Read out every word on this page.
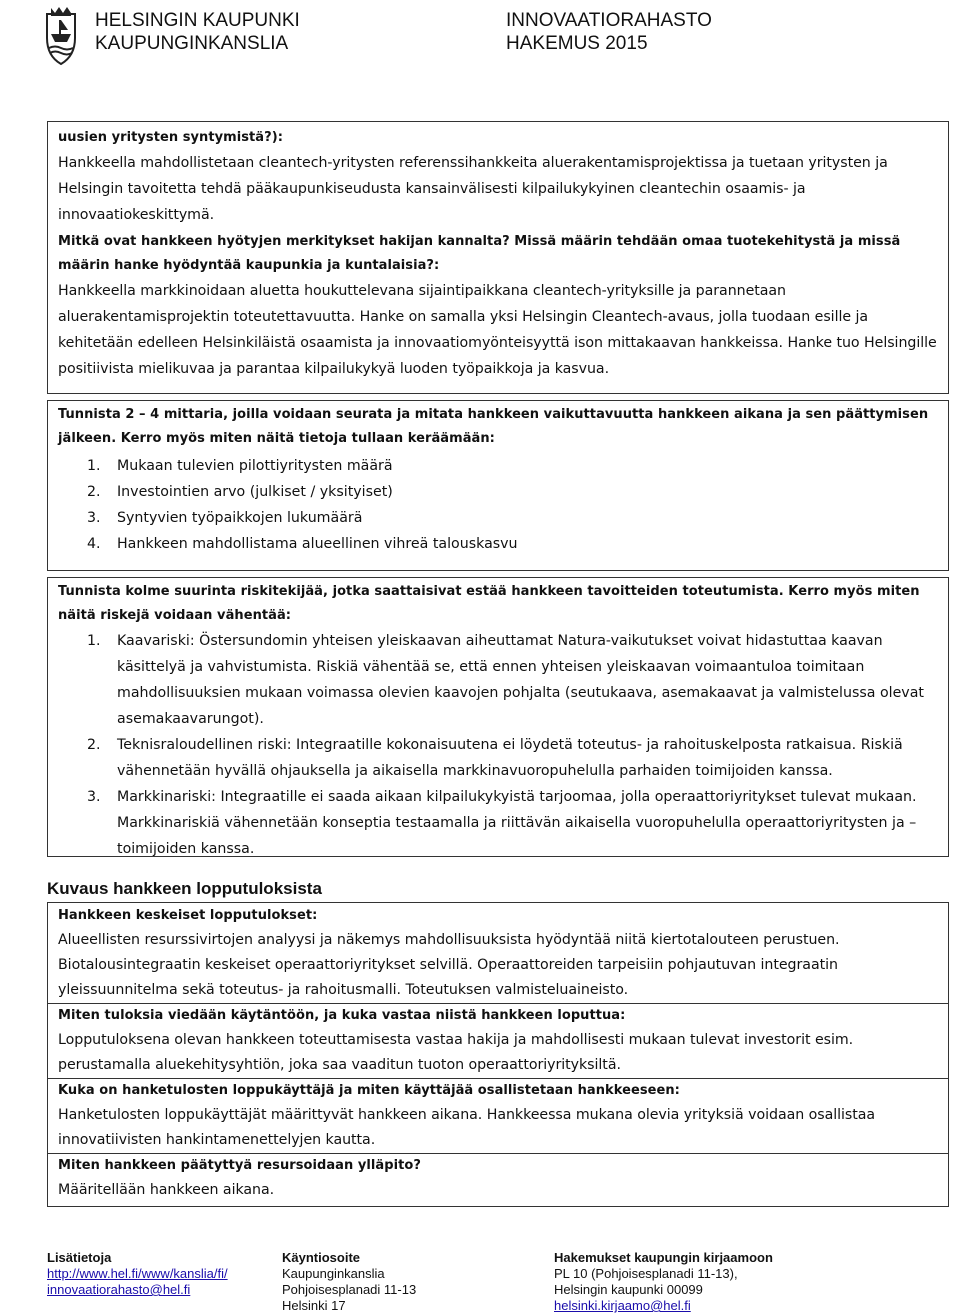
HELSINGIN KAUPUNKI
KAUPUNGINKANSLIA
INNOVAATIORAHASTO
HAKEMUS 2015
uusien yritysten syntymistä?):
Hankkeella mahdollistetaan cleantech-yritysten referenssihankkeita aluerakentamisprojektissa ja tuetaan yritysten ja Helsingin tavoitetta tehdä pääkaupunkiseudusta kansainvälisesti kilpailukykyinen cleantechin osaamis- ja innovaatiokeskittymä.
Mitkä ovat hankkeen hyötyjen merkitykset hakijan kannalta? Missä määrin tehdään omaa tuotekehitystä ja missä määrin hanke hyödyntää kaupunkia ja kuntalaisia?:
Hankkeella markkinoidaan aluetta houkuttelevana sijaintipaikkana cleantech-yrityksille ja parannetaan aluerakentamisprojektin toteutettavuutta. Hanke on samalla yksi Helsingin Cleantech-avaus, jolla tuodaan esille ja kehitetään edelleen Helsinkiläistä osaamista ja innovaatiomyönteisyyttä ison mittakaavan hankkeissa. Hanke tuo Helsingille positiivista mielikuvaa ja parantaa kilpailukykyä luoden työpaikkoja ja kasvua.
Tunnista 2 – 4 mittaria, joilla voidaan seurata ja mitata hankkeen vaikuttavuutta hankkeen aikana ja sen päättymisen jälkeen. Kerro myös miten näitä tietoja tullaan keräämään:
1. Mukaan tulevien pilottiyritysten määrä
2. Investointien arvo (julkiset / yksityiset)
3. Syntyvien työpaikkojen lukumäärä
4. Hankkeen mahdollistama alueellinen vihreä talouskasvu
Tunnista kolme suurinta riskitekijää, jotka saattaisivat estää hankkeen tavoitteiden toteutumista. Kerro myös miten näitä riskejä voidaan vähentää:
1. Kaavariski: Östersundomin yhteisen yleiskaavan aiheuttamat Natura-vaikutukset voivat hidastuttaa kaavan käsittelyä ja vahvistumista. Riskiä vähentää se, että ennen yhteisen yleiskaavan voimaantuloa toimitaan mahdollisuuksien mukaan voimassa olevien kaavojen pohjalta (seutukaava, asemakaavat ja valmistelussa olevat asemakaavarungot).
2. Teknisraloudellinen riski: Integraatille kokonaisuutena ei löydetä toteutus- ja rahoituskelposta ratkaisua. Riskiä vähennetään hyvällä ohjauksella ja aikaisella markkinavuoropuhelulla parhaiden toimijoiden kanssa.
3. Markkinariski: Integraatille ei saada aikaan kilpailukykyistä tarjoomaa, jolla operaattoriyritykset tulevat mukaan. Markkinariskiä vähennetään konseptia testaamalla ja riittävän aikaisella vuoropuhelulla operaattoriyritysten ja –toimijoiden kanssa.
Kuvaus hankkeen lopputuloksista
Hankkeen keskeiset lopputulokset:
Alueellisten resurssivirtojen analyysi ja näkemys mahdollisuuksista hyödyntää niitä kiertotalouteen perustuen. Biotalousintegraatin keskeiset operaattoriyritykset selvillä. Operaattoreiden tarpeisiin pohjautuvan integraatin yleissuunnitelma sekä toteutus- ja rahoitusmalli. Toteutuksen valmisteluaineisto.
Miten tuloksia viedään käytäntöön, ja kuka vastaa niistä hankkeen loputtua:
Lopputuloksena olevan hankkeen toteuttamisesta vastaa hakija ja mahdollisesti mukaan tulevat investorit esim. perustamalla aluekehitysyhtiön, joka saa vaaditun tuoton operaattoriyrityksiltä.
Kuka on hanketulosten loppukäyttäjä ja miten käyttäjää osallistetaan hankkeeseen:
Hanketulosten loppukäyttäjät määrittyvät hankkeen aikana. Hankkeessa mukana olevia yrityksiä voidaan osallistaa innovatiivisten hankintamenettelyjen kautta.
Miten hankkeen päätyttyä resursoidaan ylläpito?
Määritellään hankkeen aikana.
Lisätietoja
http://www.hel.fi/www/kanslia/fi/
innovaatiorahasto@hel.fi
Käyntiosoite
Kaupunginkanslia
Pohjoisesplanadi 11-13
Helsinki 17
Hakemukset kaupungin kirjaamoon
PL 10 (Pohjoisesplanadi 11-13),
Helsingin kaupunki 00099
helsinki.kirjaamo@hel.fi
